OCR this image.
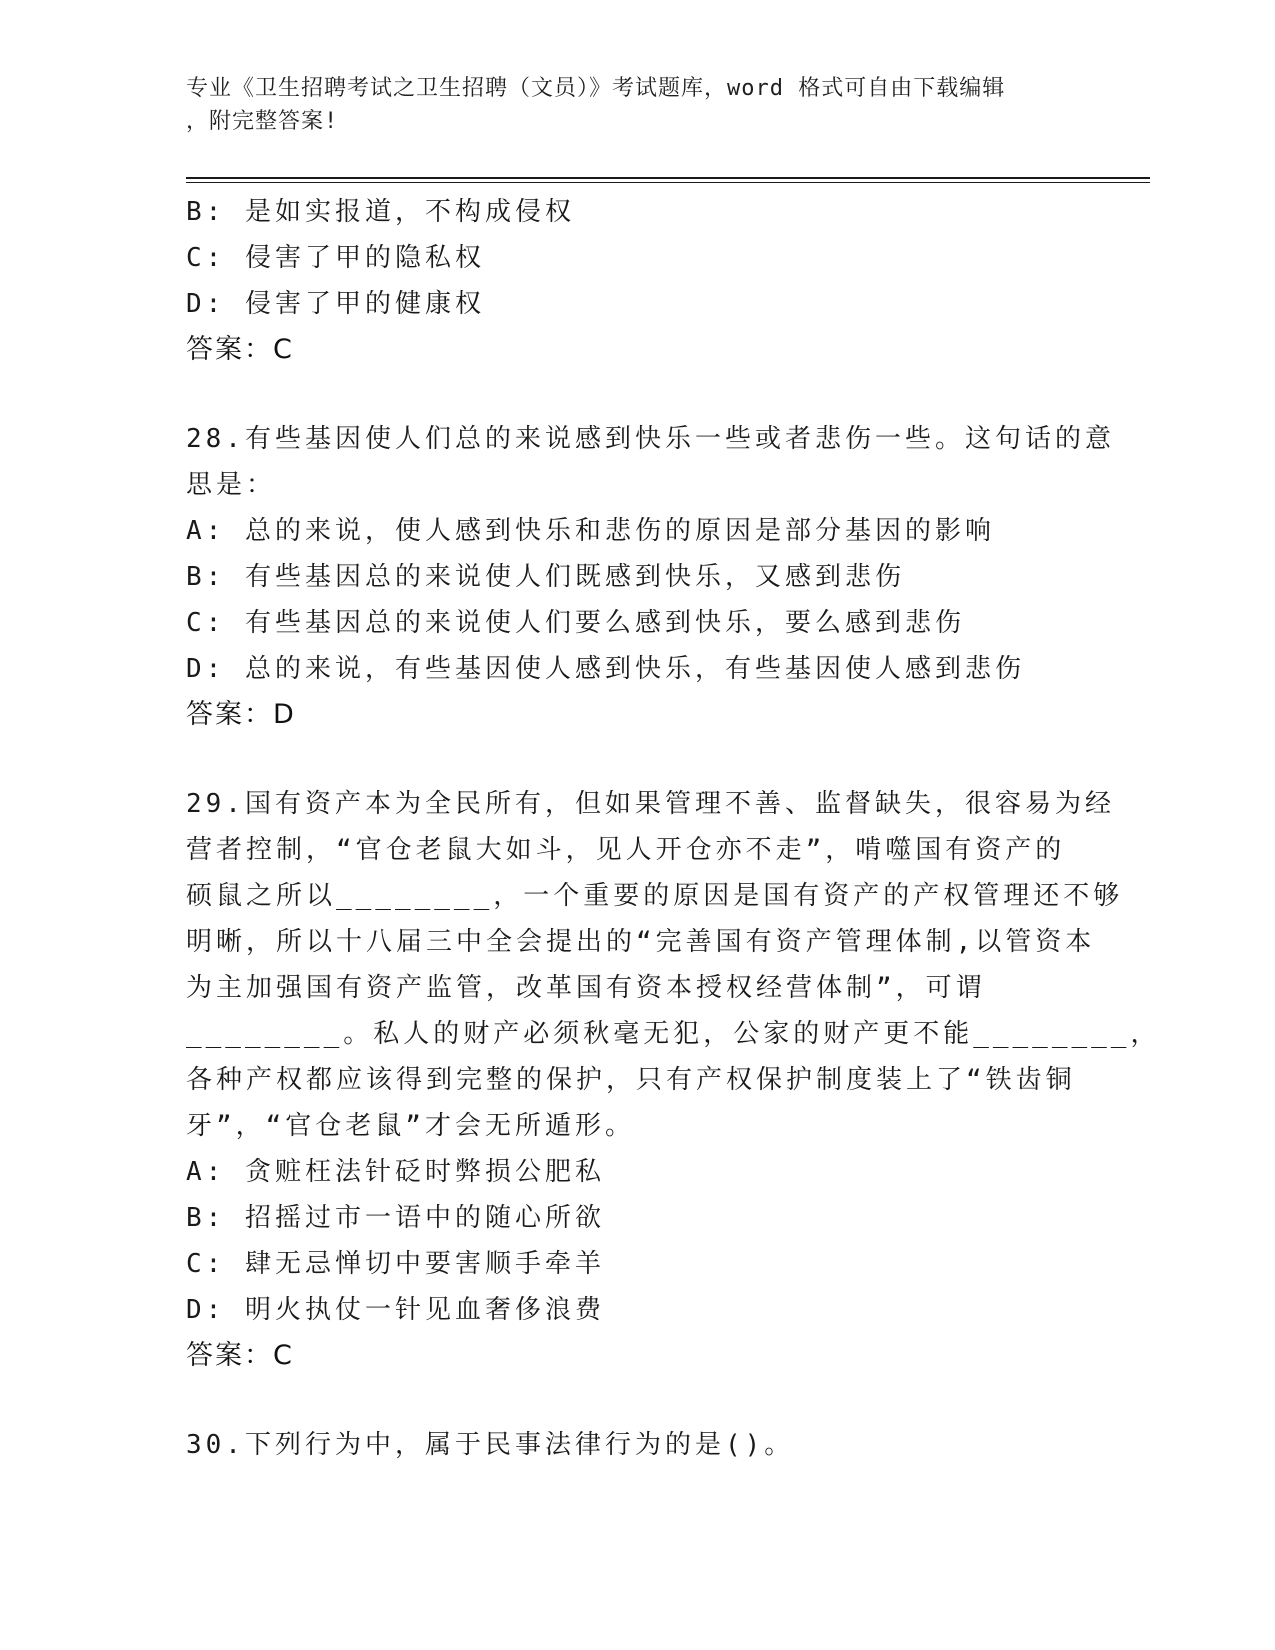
专业《卫生招聘考试之卫生招聘（文员）》考试题库，word 格式可自由下载编辑
，附完整答案!
B: 是如实报道，不构成侵权
C: 侵害了甲的隐私权
D: 侵害了甲的健康权
答案：C
28.有些基因使人们总的来说感到快乐一些或者悲伤一些。这句话的意
思是：
A: 总的来说，使人感到快乐和悲伤的原因是部分基因的影响
B: 有些基因总的来说使人们既感到快乐，又感到悲伤
C: 有些基因总的来说使人们要么感到快乐，要么感到悲伤
D: 总的来说，有些基因使人感到快乐，有些基因使人感到悲伤
答案：D
29.国有资产本为全民所有，但如果管理不善、监督缺失，很容易为经
营者控制，“官仓老鼠大如斗，见人开仓亦不走”，啃噬国有资产的
硕鼠之所以________，一个重要的原因是国有资产的产权管理还不够
明晰，所以十八届三中全会提出的“完善国有资产管理体制,以管资本
为主加强国有资产监管，改革国有资本授权经营体制”，可谓
________。私人的财产必须秋毫无犯，公家的财产更不能________，
各种产权都应该得到完整的保护，只有产权保护制度装上了“铁齿铜
牙”，“官仓老鼠”才会无所遁形。
A: 贪赃枉法针砭时弊损公肥私
B: 招摇过市一语中的随心所欲
C: 肆无忌惮切中要害顺手牵羊
D: 明火执仗一针见血奢侈浪费
答案：C
30.下列行为中，属于民事法律行为的是()。
